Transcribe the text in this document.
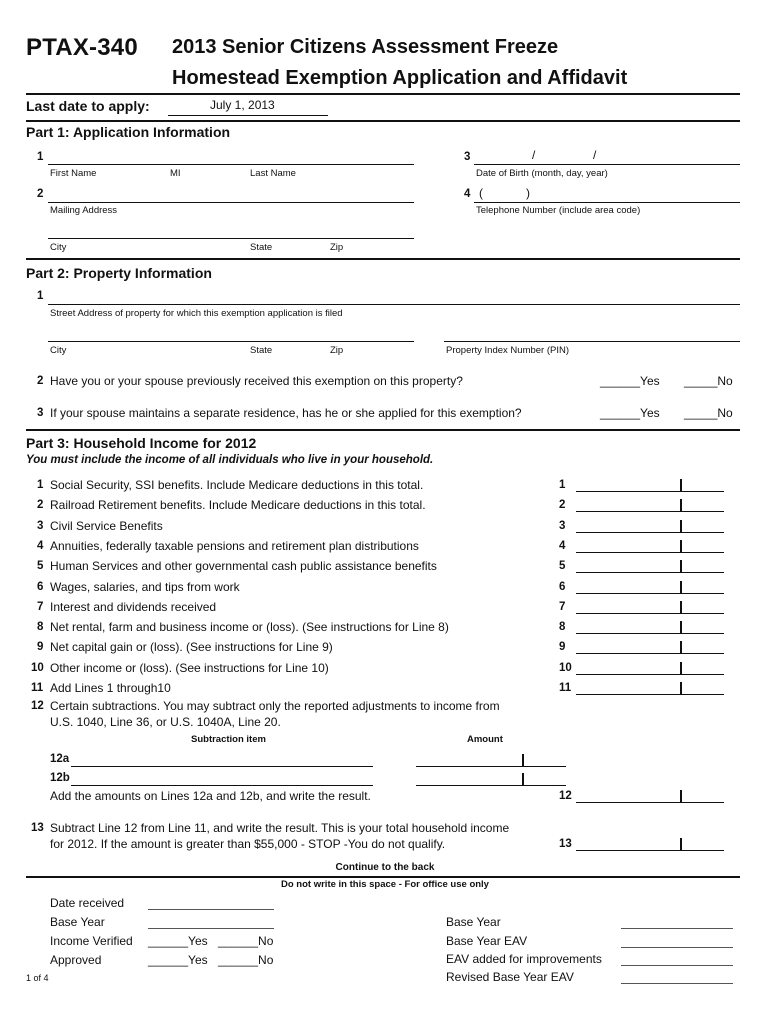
PTAX-340 2013 Senior Citizens Assessment Freeze
Homestead Exemption Application and Affidavit
Last date to apply:	July 1, 2013
Part 1: Application Information
1
First Name	MI	Last Name
3	/	/
Date of Birth (month, day, year)
2
Mailing Address
4 (	)
Telephone Number (include area code)
City	State	Zip
Part 2: Property Information
1
Street Address of property for which this exemption application is filed
City	State	Zip	Property Index Number (PIN)
2 Have you or your spouse previously received this exemption on this property?	______Yes _____No
3 If your spouse maintains a separate residence, has he or she applied for this exemption?	______Yes _____No
Part 3: Household Income for 2012
You must include the income of all individuals who live in your household.
1 Social Security, SSI benefits. Include Medicare deductions in this total.	1
2 Railroad Retirement benefits. Include Medicare deductions in this total.	2
3 Civil Service Benefits	3
4 Annuities, federally taxable pensions and retirement plan distributions	4
5 Human Services and other governmental cash public assistance benefits	5
6 Wages, salaries, and tips from work	6
7 Interest and dividends received	7
8 Net rental, farm and business income or (loss). (See instructions for Line 8)	8
9 Net capital gain or (loss). (See instructions for Line 9)	9
10 Other income or (loss). (See instructions for Line 10)	10
11 Add Lines 1 through10	11
12 Certain subtractions. You may subtract only the reported adjustments to income from
U.S. 1040, Line 36, or U.S. 1040A, Line 20.
Subtraction item	Amount
12a
12b
Add the amounts on Lines 12a and 12b, and write the result.	12
13 Subtract Line 12 from Line 11, and write the result. This is your total household income
for 2012. If the amount is greater than $55,000 - STOP -You do not qualify.	13
Continue to the back
Do not write in this space - For office use only
Date received
Base Year
Income Verified ______Yes ______No
Approved	______Yes ______No
Base Year
Base Year EAV
EAV added for improvements
Revised Base Year EAV
1 of 4
